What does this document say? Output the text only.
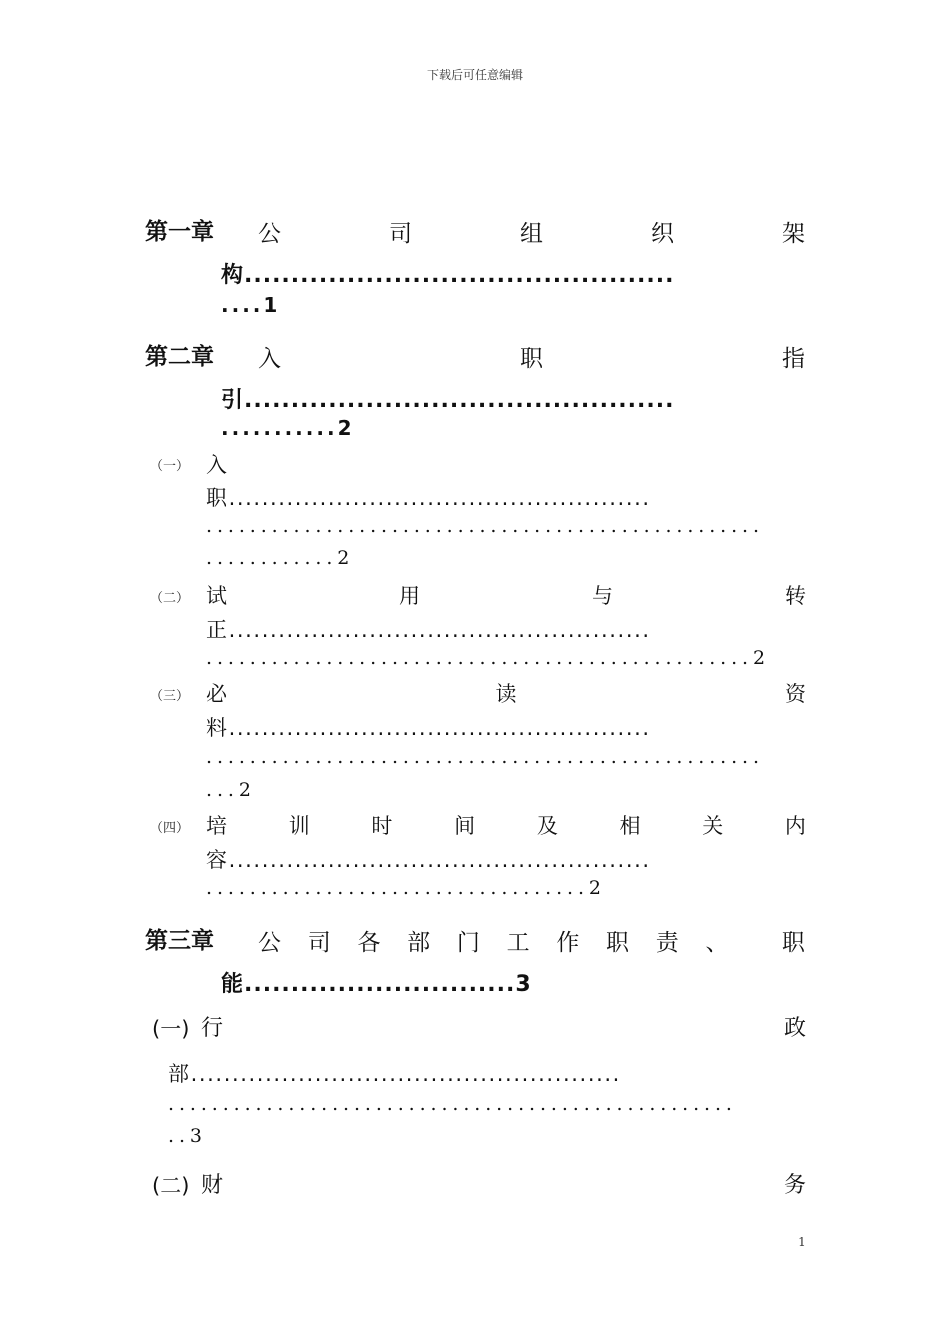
下载后可任意编辑
第一章 公	司	组	织	架
构..............................................
....1
第二章 入	职	指
引..............................................
...........2
（一） 入
职...................................................
...................................................
............2
（二） 试	用	与	转
正...................................................
..................................................2
（三） 必	读	资
料...................................................
...................................................
...2
（四） 培	训	时	间	及	相	关	内
容...................................................
...................................2
第三章 公 司 各 部 门 工 作 职 责 、 职
能.............................3
(一) 行	政
部....................................................
....................................................
..3
(二) 财	务
1
